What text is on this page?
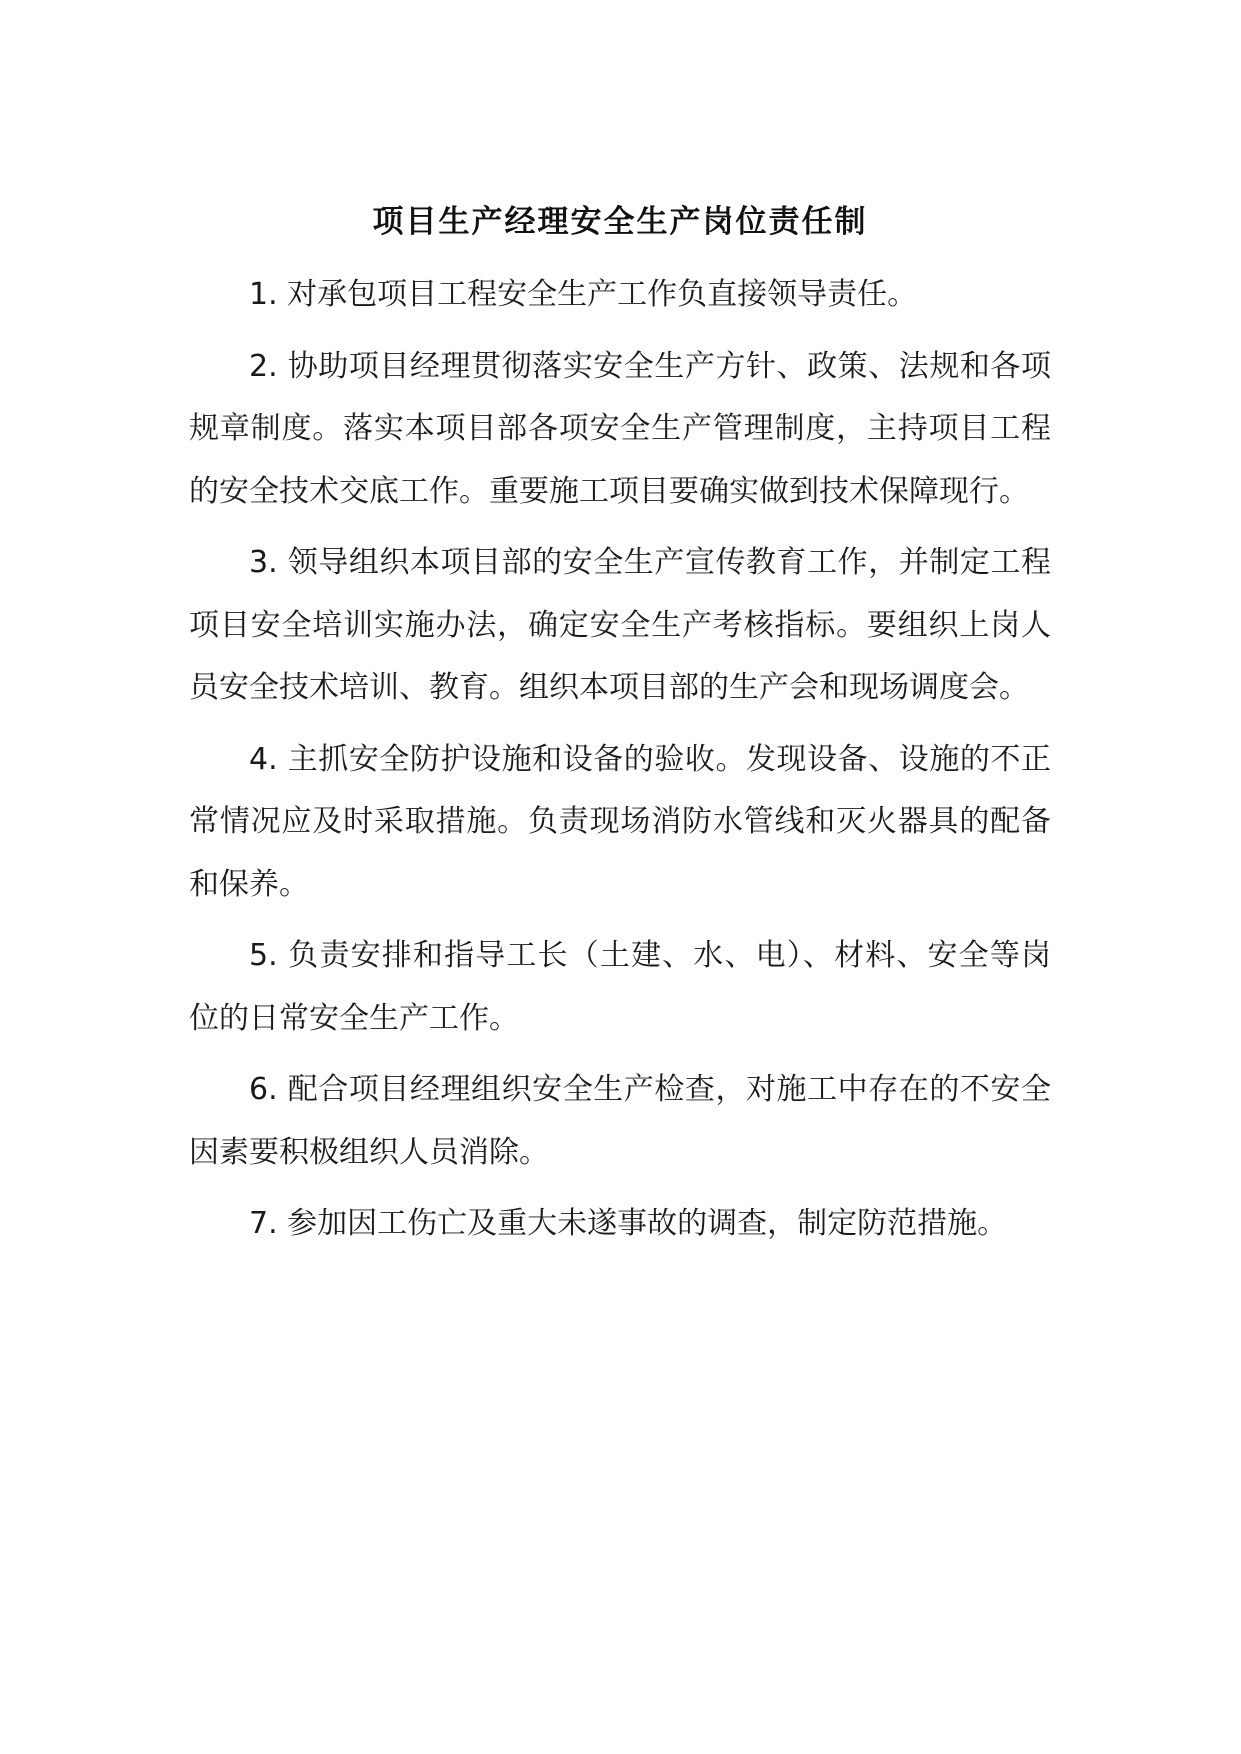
项目生产经理安全生产岗位责任制

1. 对承包项目工程安全生产工作负直接领导责任。

2. 协助项目经理贯彻落实安全生产方针、政策、法规和各项规章制度。落实本项目部各项安全生产管理制度，主持项目工程的安全技术交底工作。重要施工项目要确实做到技术保障现行。

3. 领导组织本项目部的安全生产宣传教育工作，并制定工程项目安全培训实施办法，确定安全生产考核指标。要组织上岗人员安全技术培训、教育。组织本项目部的生产会和现场调度会。

4. 主抓安全防护设施和设备的验收。发现设备、设施的不正常情况应及时采取措施。负责现场消防水管线和灭火器具的配备和保养。

5. 负责安排和指导工长（土建、水、电）、材料、安全等岗位的日常安全生产工作。

6. 配合项目经理组织安全生产检查，对施工中存在的不安全因素要积极组织人员消除。

7. 参加因工伤亡及重大未遂事故的调查，制定防范措施。
